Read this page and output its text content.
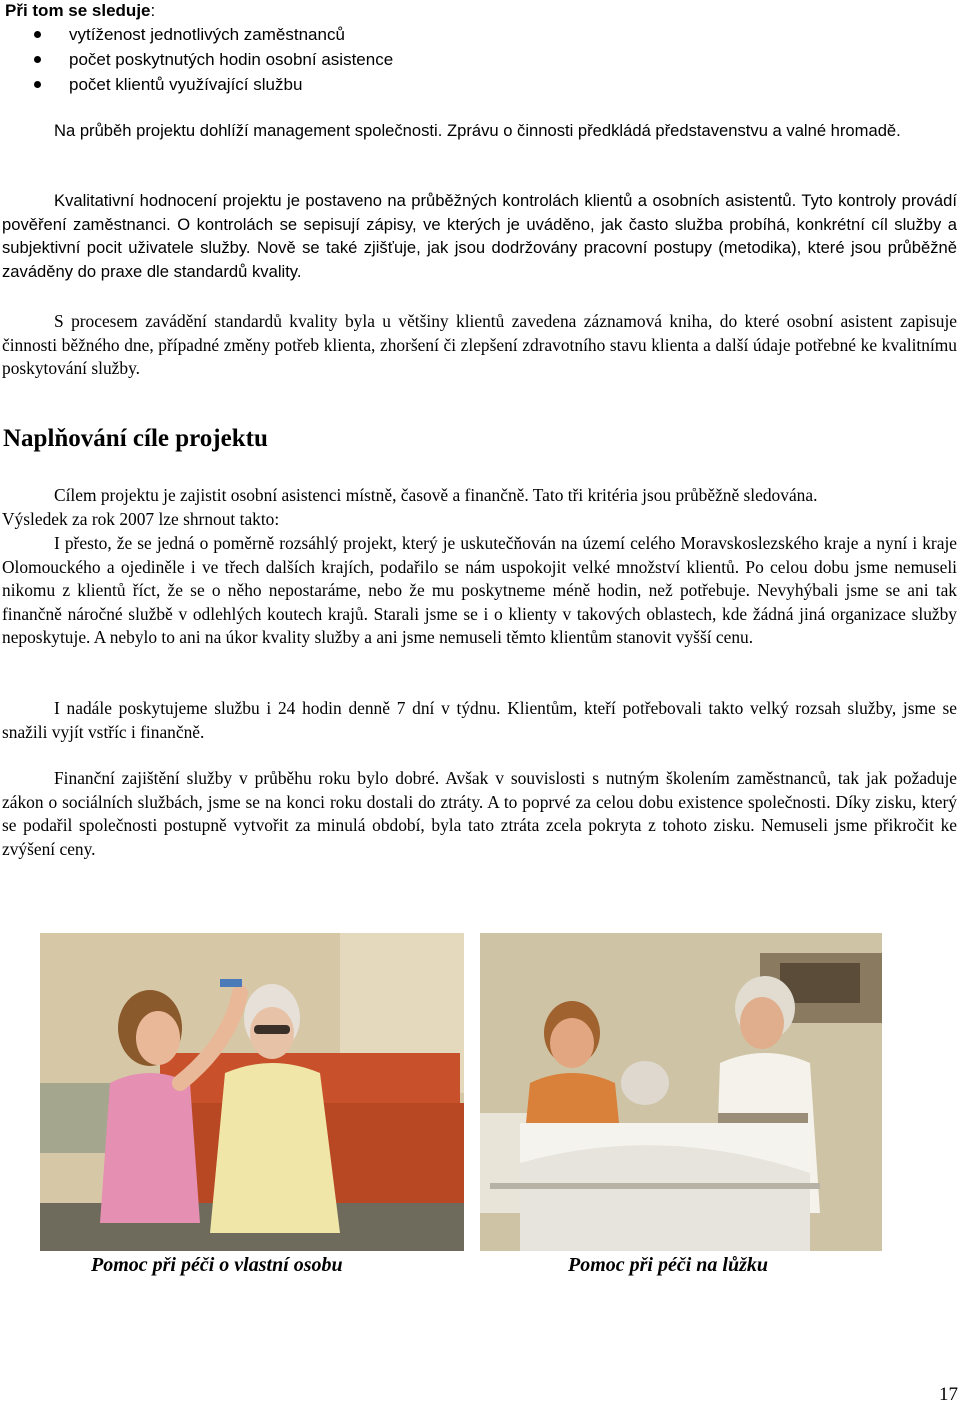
Při tom se sleduje:
vytíženost jednotlivých zaměstnanců
počet poskytnutých hodin osobní asistence
počet klientů využívající službu

Na průběh projektu dohlíží management společnosti. Zprávu o činnosti předkládá představenstvu a valné hromadě.

Kvalitativní hodnocení projektu je postaveno na průběžných kontrolách klientů a osobních asistentů. Tyto kontroly provádí pověření zaměstnanci. O kontrolách se sepisují zápisy, ve kterých je uváděno, jak často služba probíhá, konkrétní cíl služby a subjektivní pocit uživatele služby. Nově se také zjišťuje, jak jsou dodržovány pracovní postupy (metodika), které jsou průběžně zaváděny do praxe dle standardů kvality.

S procesem zavádění standardů kvality byla u většiny klientů zavedena záznamová kniha, do které osobní asistent zapisuje činnosti běžného dne, případné změny potřeb klienta, zhoršení či zlepšení zdravotního stavu klienta a další údaje potřebné ke kvalitnímu poskytování služby.

Naplňování cíle projektu

Cílem projektu je zajistit osobní asistenci místně, časově a finančně. Tato tři kritéria jsou průběžně sledována.

Výsledek za rok 2007 lze shrnout takto:

I přesto, že se jedná o poměrně rozsáhlý projekt, který je uskutečňován na území celého Moravskoslezského kraje a nyní i kraje Olomouckého a ojediněle i ve třech dalších krajích, podařilo se nám uspokojit velké množství klientů. Po celou dobu jsme nemuseli nikomu z klientů říct, že se o něho nepostaráme, nebo že mu poskytneme méně hodin, než potřebuje. Nevyhýbali jsme se ani tak finančně náročné službě v odlehlých koutech krajů. Starali jsme se i o klienty v takových oblastech, kde žádná jiná organizace služby neposkytuje. A nebylo to ani na úkor kvality služby a ani jsme nemuseli těmto klientům stanovit vyšší cenu.

I nadále poskytujeme službu i 24 hodin denně 7 dní v týdnu. Klientům, kteří potřebovali takto velký rozsah služby, jsme se snažili vyjít vstříc i finančně.

Finanční zajištění služby v průběhu roku bylo dobré. Avšak v souvislosti s nutným školením zaměstnanců, tak jak požaduje zákon o sociálních službách, jsme se na konci roku dostali do ztráty. A to poprvé za celou dobu existence společnosti. Díky zisku, který se podařil společnosti postupně vytvořit za minulá období, byla tato ztráta zcela pokryta z tohoto zisku. Nemuseli jsme přikročit ke zvýšení ceny.

Pomoc při péči o vlastní osobu	Pomoc při péči na lůžku
17
